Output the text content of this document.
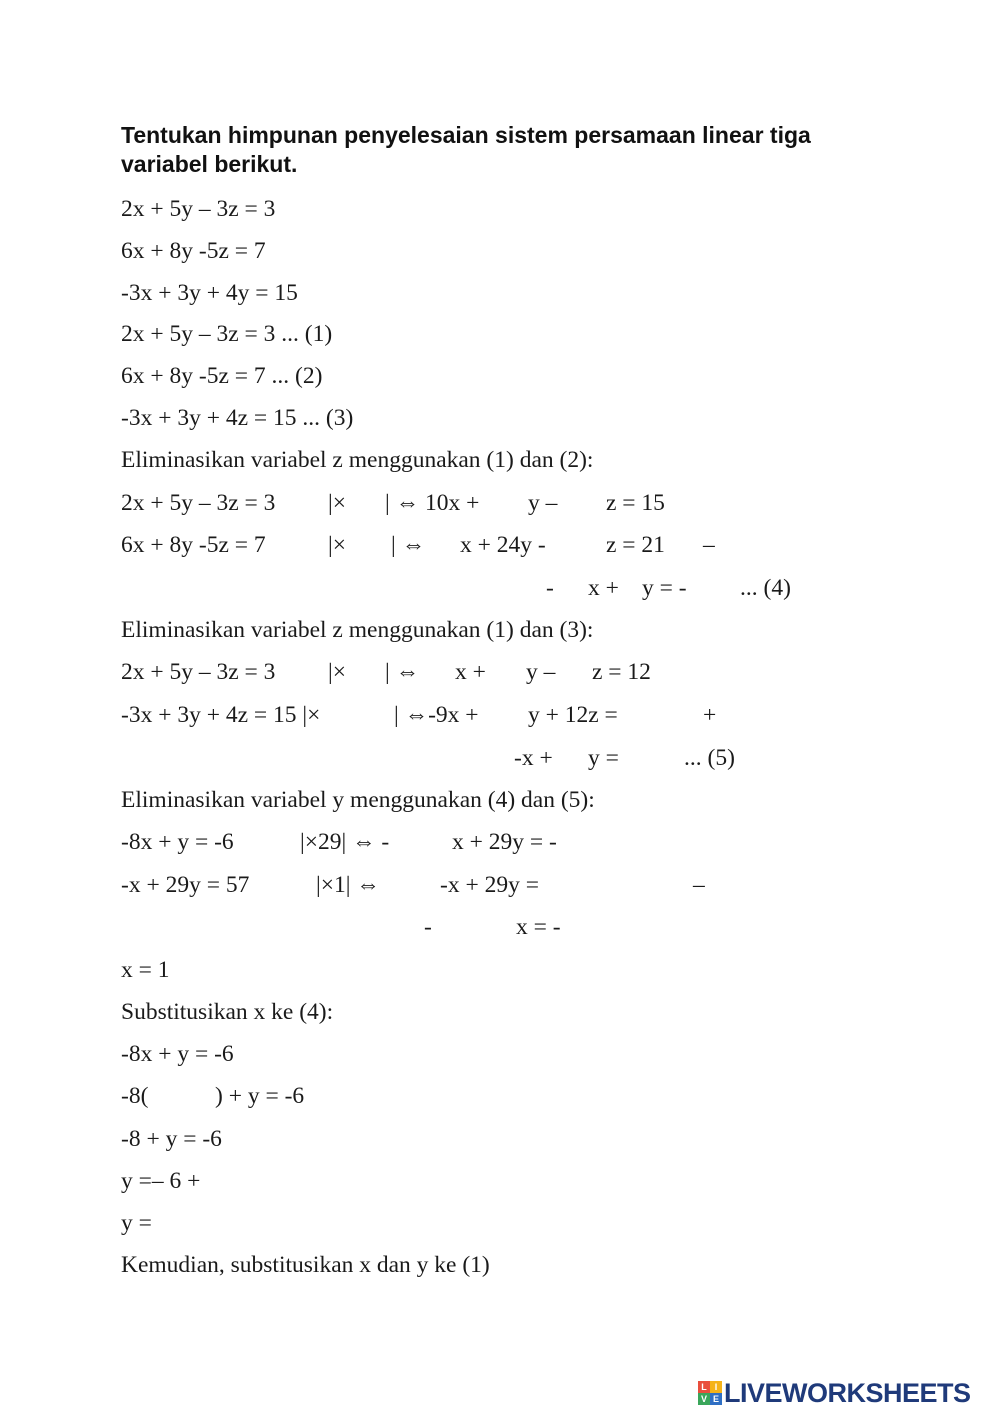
Tentukan himpunan penyelesaian sistem persamaan linear tiga variabel berikut.
2x + 5y – 3z = 3
6x + 8y -5z = 7
-3x + 3y + 4y = 15
2x + 5y – 3z = 3 ... (1)
6x + 8y -5z = 7 ... (2)
-3x + 3y + 4z = 15 ... (3)
Eliminasikan variabel z menggunakan (1) dan (2):
2x + 5y – 3z = 3 |× | ⇔ 10x + y – z = 15
6x + 8y -5z = 7	|× | ⇔ x + 24y -	z = 21 –
- x + y = - ... (4)
Eliminasikan variabel z menggunakan (1) dan (3):
2x + 5y – 3z = 3 |× | ⇔ x + y – z = 12
-3x + 3y + 4z = 15 |×	| ⇔-9x + y + 12z =	+
-x + y =	... (5)
Eliminasikan variabel y menggunakan (4) dan (5):
-8x + y = -6	|×29| ⇔ -	x + 29y = -
-x + 29y = 57	|×1| ⇔	-x + 29y =	–
-	x = -
x = 1
Substitusikan x ke (4):
-8x + y = -6
-8(	) + y = -6
-8 + y = -6
y =– 6 +
y =
Kemudian, substitusikan x dan y ke (1)
L I
V E LIVEWORKSHEETS
